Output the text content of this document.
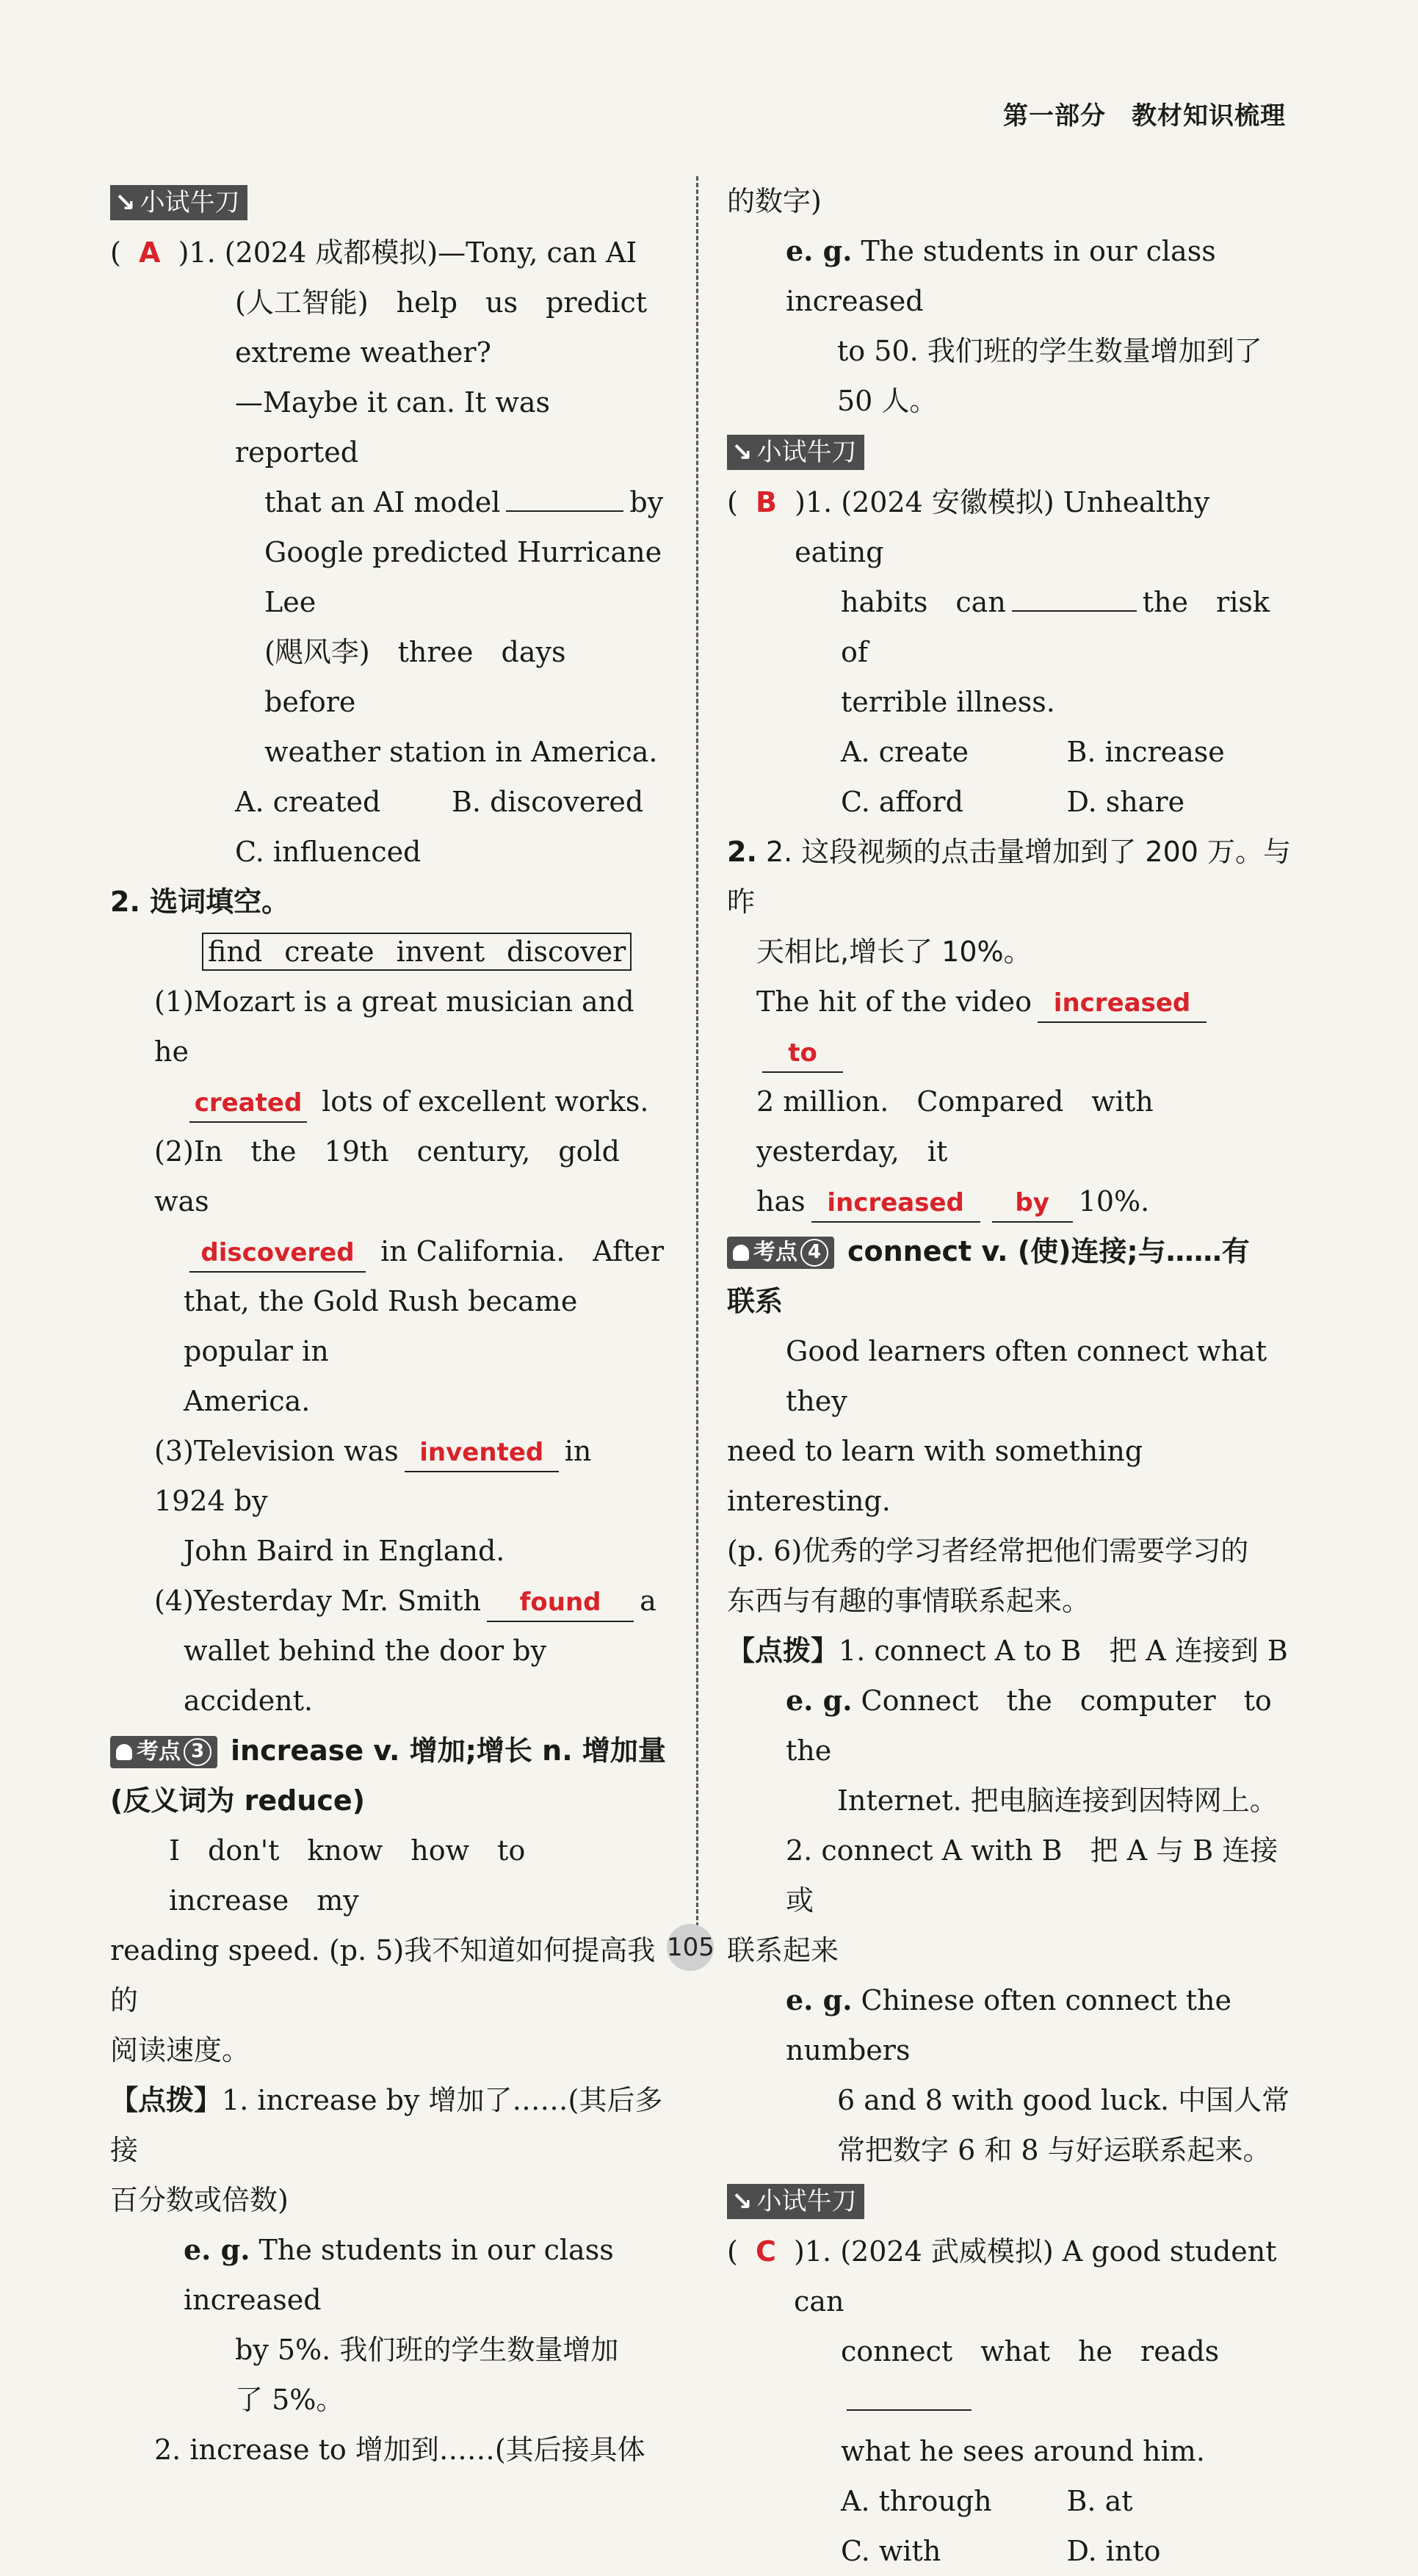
第一部分　教材知识梳理
↘ 小试牛刀
(  A )1. (2024 成都模拟)—Tony, can AI
(人工智能)　help　us　predict
extreme weather?
—Maybe it can. It was reported
that an AI model	by
Google predicted Hurricane Lee
(飓风李)　three　days　before
weather station in America.
A. created	B. discovered
C. influenced
2. 选词填空。
find create invent discover
(1)Mozart is a great musician and he
created lots of excellent works.
(2)In　the　19th　century,　gold　was
discovered in California.　After
that, the Gold Rush became popular in
America.
(3)Television was invented in 1924 by
John Baird in England.
(4)Yesterday Mr. Smith found a
wallet behind the door by accident.
考点 3 increase v. 增加;增长 n. 增加量
(反义词为 reduce)
I　don't　know　how　to　increase　my
reading speed. (p. 5)我不知道如何提高我的
阅读速度。
【点拨】1. increase by 增加了……(其后多接
百分数或倍数)
e. g. The students in our class increased
by 5%. 我们班的学生数量增加
了 5%。
2. increase to 增加到……(其后接具体
的数字)
e. g. The students in our class increased
to 50. 我们班的学生数量增加到了
50 人。
↘ 小试牛刀
(  B )1. (2024 安徽模拟) Unhealthy eating
habits　can	the　risk　of
terrible illness.
A. create	B. increase
C. afford	D. share
2. 2. 这段视频的点击量增加到了 200 万。与昨
天相比,增长了 10%。
The hit of the video increasedto
2 million.　Compared　with　yesterday,　it
has increased by 10%.
考点 4 connect v. (使)连接;与……有
联系
Good learners often connect what they
need to learn with something interesting.
(p. 6)优秀的学习者经常把他们需要学习的
东西与有趣的事情联系起来。
【点拨】1. connect A to B　把 A 连接到 B
e. g. Connect　the　computer　to　the
Internet. 把电脑连接到因特网上。
2. connect A with B　把 A 与 B 连接或
联系起来
e. g. Chinese often connect the numbers
6 and 8 with good luck. 中国人常
常把数字 6 和 8 与好运联系起来。
↘ 小试牛刀
(  C )1. (2024 武威模拟) A good student can
connect　what　he　reads
what he sees around him.
A. through	B. at
C. with	D. into
105
